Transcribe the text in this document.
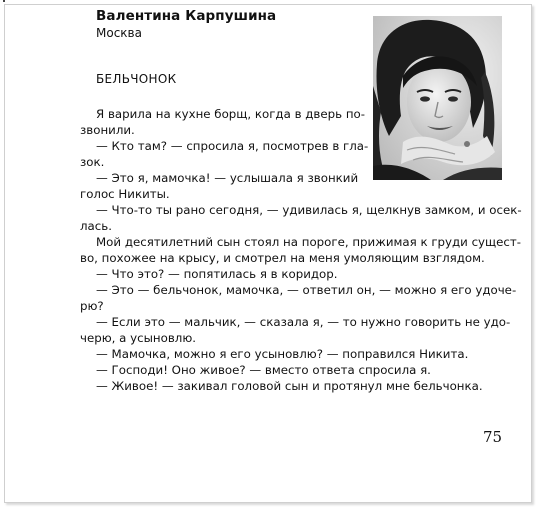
Валентина Карпушина
Москва
БЕЛЬЧОНОК
Я варила на кухне борщ, когда в дверь по-
звонили.
— Кто там? — спросила я, посмотрев в гла-
зок.
— Это я, мамочка! — услышала я звонкий
голос Никиты.
— Что-то ты рано сегодня, — удивилась я, щелкнув замком, и осек-
лась.
Мой десятилетний сын стоял на пороге, прижимая к груди сущест-
во, похожее на крысу, и смотрел на меня умоляющим взглядом.
— Что это? — попятилась я в коридор.
— Это — бельчонок, мамочка, — ответил он, — можно я его удоче-
рю?
— Если это — мальчик, — сказала я, — то нужно говорить не удо-
черю, а усыновлю.
— Мамочка, можно я его усыновлю? — поправился Никита.
— Господи! Оно живое? — вместо ответа спросила я.
— Живое! — закивал головой сын и протянул мне бельчонка.
75
